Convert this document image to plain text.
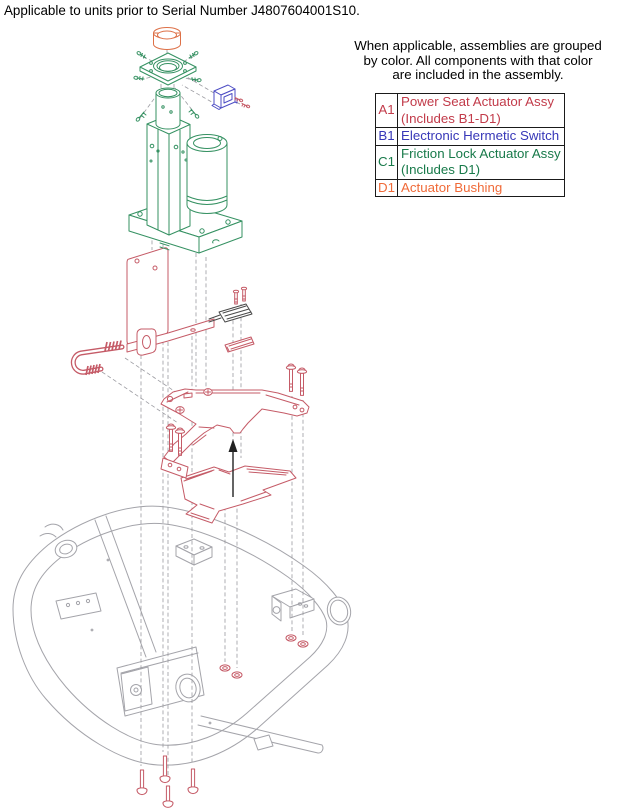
Applicable to units prior to Serial Number J4807604001S10.
When applicable, assemblies are grouped
by color. All components with that color
are included in the assembly.
A1	Power Seat Actuator Assy
(Includes B1-D1)

B1	Electronic Hermetic Switch

C1	Friction Lock Actuator Assy
(Includes D1)

D1	Actuator Bushing
